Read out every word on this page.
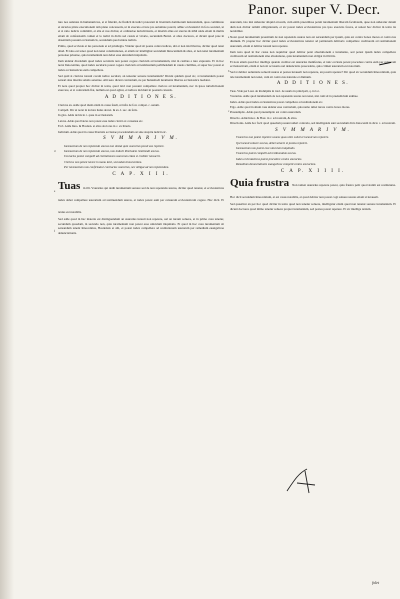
Panor. super V. Decr.

iuro nos ualentes in humanum ius, et si fiderint, de fiudicii & iudici protestati in licentiam dominorum iusiurandum, quos commissio et uicarios piiste executionem tam plene concesseris, ut in executo et iure pro uoluntate poterit, adhuc ecclesiastici in foro seculari, ut et si ratio iudicis committit, et alia et nos dicitur, et ordinariae iurisdictionis, et interim alius est stercus & nihil unde etiam in multis etiam ab confessionib. tamen et lo iudici in dictis uel causis et vicario, secundum Bartol. et alios doctores, et dicunt quod prae in absentiam possunt ecclesiasticis, secundum quod uidere iudicis.

Primo, quod ecclesia et ius personale et ad priuilegia. Videtur quod sit poena contra iudices, ubi et non nisi libertas, dicitur quod tenet aliud. Et ideo est tenor quod non tenet constitutiones, et etiam sic intelligitur secundum Innocentium & alios, et non tenet iuramentum personae priuatae, quia iuramentum non debet esse uinculum iniquitatis.

Item uidetur dicendum quod iudex secularis non potest cogere clericum ad iuramentum, nisi in casibus a iure expressis. Et in hoc notat Innocentius, quod iudex secularis potest cogere clericum ad testimonium perhibendum in causis ciuilibus, et super hoc potest et iudex ecclesiasticus eum compellere.

Sed quid si clericus iurauit coram iudice seculari, an teneatur seruare iuramentum? Dicunt quidam quod sic, si iuramentum potest seruari sine interitu salutis aeternae. Alii uero dicunt contrarium, ne per huiusmodi iuramenta libertas ecclesiastica laedatur.

Et nota quod propter hoc dicitur in textu, quod laici non possunt compellere clericos ad iuramentum, nec in ipsos iurisdictionem exercere, et si contrarium fiat, nullum est quod agitur, et iudices incidunt in poenam canonis.

A D D I T I O N E S.

Clericus an. Adde quod idem etiam in causa feudi, ut infra de foro compet. c. uerum.

Compell. Dic ut notat in lectura huius decret. & ex. I. sec. de feris.

In glos. Adde de his in c. quae in ecclesiarum.

Laicus. Adde quod laicus non potest esse iudex clerici ex consensu etc.

Eccl. Adde Inno. & Hostien. et alios doctores in c. ex litteris.

Iudicium. Adde quod in causa libertatis ecclesiae procedendum est sine strepitu iudicii etc.

S V M M A R I V M.

Iuramentum de non repetendo usuras non obstat quin usurarius possit eas repetere.

Iuramentum de non repetendo usuras, non inducit libertatem remittendi usuras.

Usurarius potest compelli ad restitutionem usurarum etiam si creditor iurauerit.

Clericus non potest iurare in manu laici, secundum Innocentium.

Per iuramentum non confirmatur contractus usurarius, nec obligat ad non repetendum.

C A P. X I I I.

Tuas in illi. Vsurarius qui dedit iuramentum seruare sed de non repetendo usuras, dicitur quod tenetur, et ecclesiasticus iudex debet compellere usurarium ad restituendum usuras, et iudex potest eum per censuram ecclesiasticam cogere. Hoc dicit. Et textus est notabilis.

Sed adde quod in hac materia est distinguendum an usurarius iurauit non repetere, uel an iurauit soluere, et in primo casu tenetur, secundum quosdam, in secundo non, quia iuramentum non potest esse uinculum iniquitatis. Et quod in hoc casu iuramentum sit seruandum tenent Innocentius, Hostiensis et alii, et potest iudex compellere ad restitutionem usurarum per remedium euangelicae denunciationis.

usurarum, isto nisi uideretur aliquid errorem, cum enim praestitisse potuit iuramentum liberam facultatem, quae non uideretur datum dum non dicitur remitti obligationem, et sic potest iudex ecclesiasticus pro ipso executio facere, et ualeat hoc dicitur in textu ita notabiliter.

Notat quod iuramentum praestitum de non repetendo usuras non est seruandum per ipsum, quia est contra bonos mores et contra ius diuinum. Et propter hoc dicitur quod iudex ecclesiasticus tenetur ad petitionem debitoris compellere creditorem ad restitutionem usurarum, etiam si debitor iurauit non repetere.

Item nota quod in hac causa non requiritur quod debitor petat absolutionem a iuramento, sed potest ipsum iudex compellere creditorem ad restitutionem sine absolutione, quia iuramentum non obligat in illicitis.

Et nota etiam quod hoc intellige quando creditor est usurarius manifestus, et tunc ecclesia potest procedere contra eum per censuram ecclesiasticam, etiam si non sit accusatio uel denunciatio praecedens, quia crimen usurarum est notorium.

Sed si debitor uoluntarie soluerit usuras et postea iurauerit non repetere, an possit repetere? Dic quod sic secundum Innocentium, quia tale iuramentum non tenet, cum sit contra ius naturale et diuinum.

A D D I T I O N E S.

Tuas. Vide per Laur. de Rodulphis in tract. de usuris in principali, q. in loc.

Vsurarius. Adde quod iuramentum de non repetendo usuras non tenet, nisi cum sit in praeiudicium animae.

Iudex. Adde quod iudex ecclesiasticus potest compellere ad restitutionem etc.

Ergo. Adde quod in alium casu uidetur esse contrarium, quia nemo debet iurare contra bonos mores.

Praesumptio. Adde quod praesumptio est contra usurarium.

Directio. Adde Innoc. & Host. in c. ad nostram, & alios.

Directionis. Adde hoc facit quod quaedam possunt uideri contraria, sed intelligenda sunt secundum dicta Innocentii in dicto c. ad nostram.

S V M M A R I V M.

Vsurarius non potest repetere usuras quas ultro soluit et iurauit non repetere.

Qui iurauit soluere usuras, debet soluere et postea repetere.

Iuramentum non potest esse uinculum iniquitatis.

Vsurarius potest compelli ad restituendum usuras.

Iudex ecclesiasticus potest procedere contra usurarios.

Remedium denunciationis euangelicae competit contra usurarium.

C A P. X I I I I.

Quia frustra Non tamen usurarius repetere potest, quia frustra petit quod statim est restituturus. Hoc dicit secundum Innocentium, et est casus notabilis, et quod debitor non potest cogi soluere usuras etiam si iurauerit.

Sed quaeritur an per hoc quod dicitur in textu quod non tenetur soluere, intelligatur etiam quod non tenetur seruare iuramentum. Et dicunt doctores quod immo tenetur soluere propter iuramentum, sed postea potest repetere. Et sic intellige textum.

a
b
c
d
e
f
folet
